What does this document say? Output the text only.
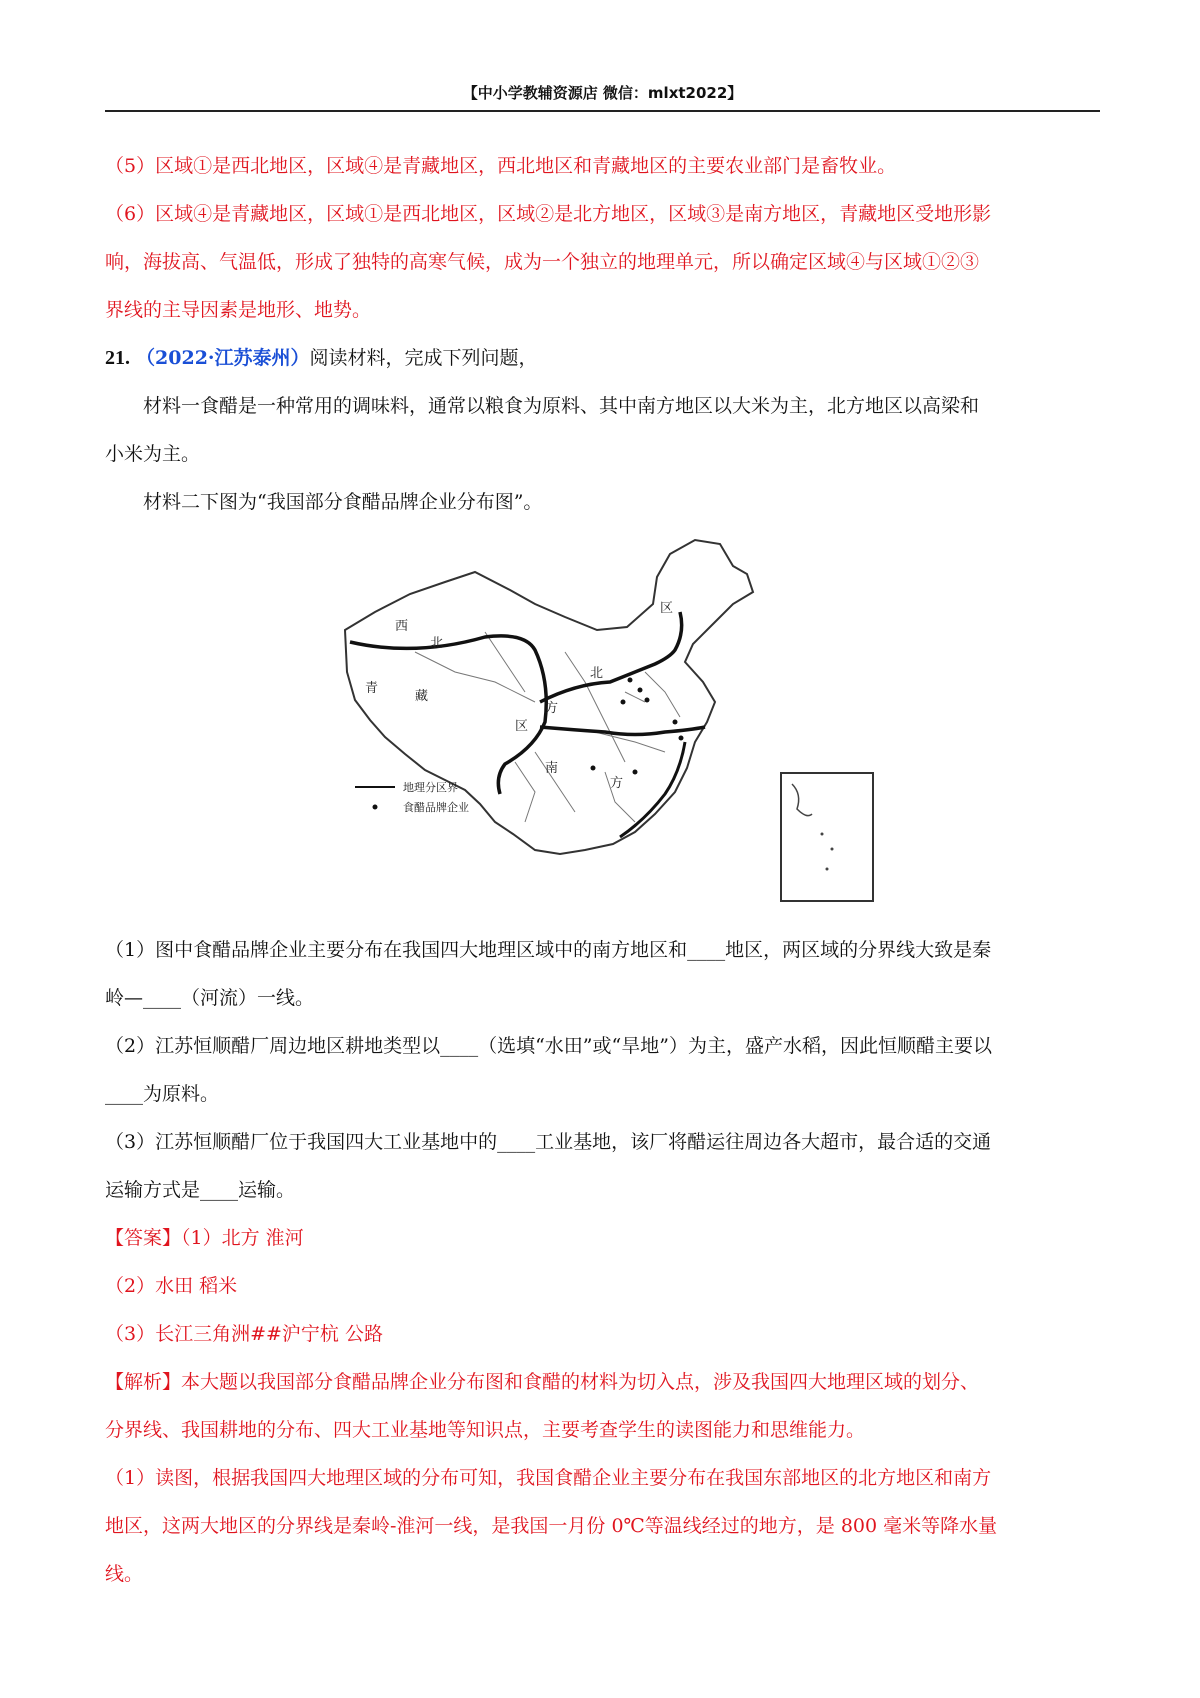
【中小学教辅资源店 微信：mlxt2022】
（5）区域①是西北地区，区域④是青藏地区，西北地区和青藏地区的主要农业部门是畜牧业。
（6）区域④是青藏地区，区域①是西北地区，区域②是北方地区，区域③是南方地区，青藏地区受地形影
响，海拔高、气温低，形成了独特的高寒气候，成为一个独立的地理单元，所以确定区域④与区域①②③
界线的主导因素是地形、地势。
21. （2022·江苏泰州）阅读材料，完成下列问题，
材料一食醋是一种常用的调味料，通常以粮食为原料、其中南方地区以大米为主，北方地区以高梁和
小米为主。
材料二下图为“我国部分食醋品牌企业分布图”。
西
北
青
藏
区
北
方
区
南
方
地理分区界
食醋品牌企业
（1）图中食醋品牌企业主要分布在我国四大地理区域中的南方地区和____地区，两区域的分界线大致是秦
岭—____（河流）一线。
（2）江苏恒顺醋厂周边地区耕地类型以____（选填“水田”或“旱地”）为主，盛产水稻，因此恒顺醋主要以
____为原料。
（3）江苏恒顺醋厂位于我国四大工业基地中的____工业基地，该厂将醋运往周边各大超市，最合适的交通
运输方式是____运输。
【答案】（1）北方 淮河
（2）水田 稻米
（3）长江三角洲##沪宁杭 公路
【解析】本大题以我国部分食醋品牌企业分布图和食醋的材料为切入点，涉及我国四大地理区域的划分、
分界线、我国耕地的分布、四大工业基地等知识点，主要考查学生的读图能力和思维能力。
（1）读图，根据我国四大地理区域的分布可知，我国食醋企业主要分布在我国东部地区的北方地区和南方
地区，这两大地区的分界线是秦岭-淮河一线，是我国一月份 0℃等温线经过的地方，是 800 毫米等降水量
线。
